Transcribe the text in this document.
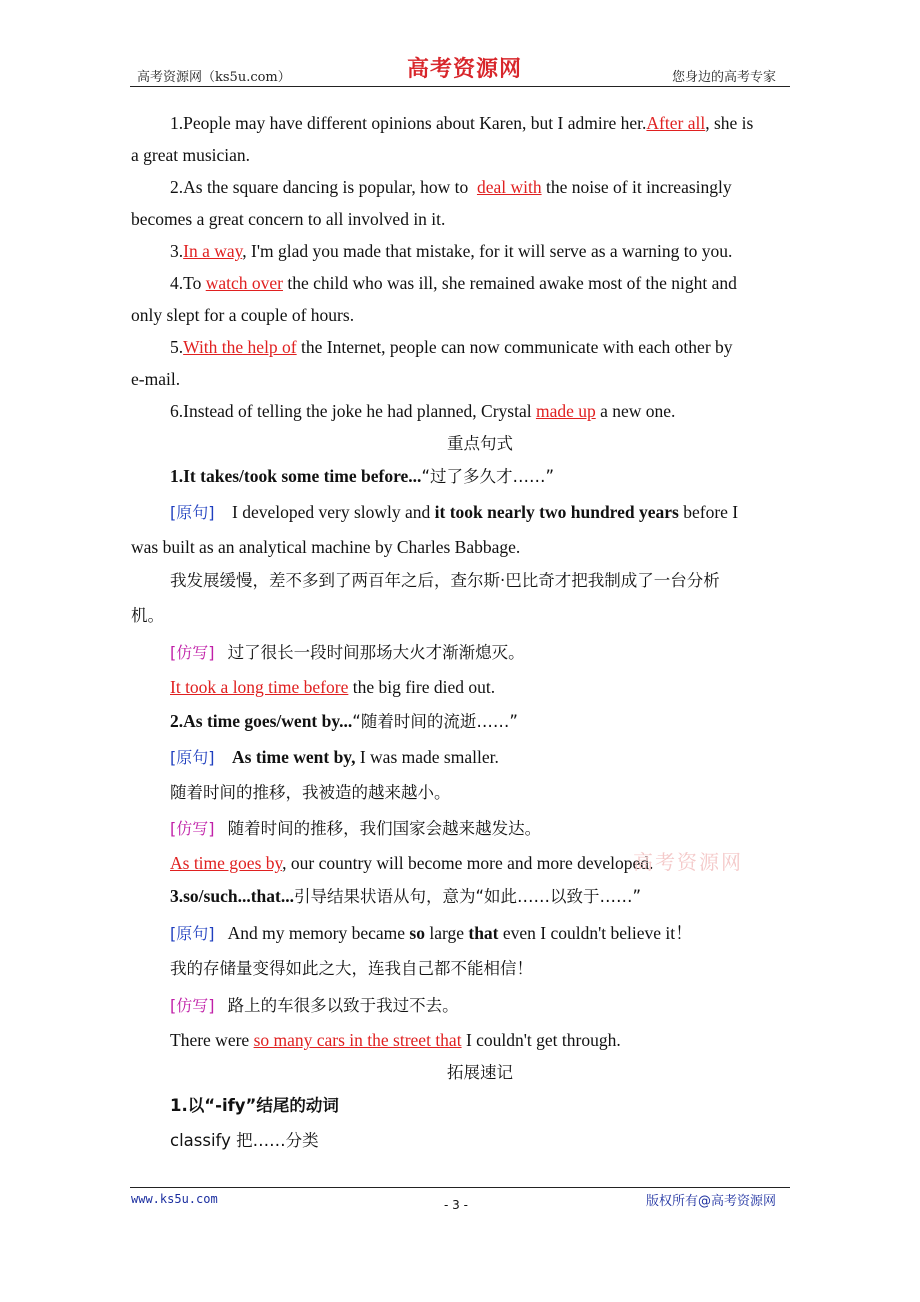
高考资源网（ks5u.com）	高考资源网	您身边的高考专家
1.People may have different opinions about Karen, but I admire her.After all, she is
a great musician.
2.As the square dancing is popular, how to deal with the noise of it increasingly
becomes a great concern to all involved in it.
3.In a way, I'm glad you made that mistake, for it will serve as a warning to you.
4.To watch over the child who was ill, she remained awake most of the night and
only slept for a couple of hours.
5.With the help of the Internet, people can now communicate with each other by
e-mail.
6.Instead of telling the joke he had planned, Crystal made up a new one.
重点句式
1.It takes/took some time before...“过了多久才……”
[原句] I developed very slowly and it took nearly two hundred years before I
was built as an analytical machine by Charles Babbage.
我发展缓慢，差不多到了两百年之后，查尔斯·巴比奇才把我制成了一台分析
机。
[仿写] 过了很长一段时间那场大火才渐渐熄灭。
It took a long time before the big fire died out.
2.As time goes/went by...“随着时间的流逝……”
[原句] As time went by, I was made smaller.
随着时间的推移，我被造的越来越小。
[仿写] 随着时间的推移，我们国家会越来越发达。
As time goes by, our country will become more and more developed.
高考资源网
3.so/such...that...引导结果状语从句，意为“如此……以致于……”
[原句] And my memory became so large that even I couldn't believe it！
我的存储量变得如此之大，连我自己都不能相信！
[仿写] 路上的车很多以致于我过不去。
There were so many cars in the street that I couldn't get through.
拓展速记
1.以“-ify”结尾的动词
classify 把……分类
www.ks5u.com	- 3 -	版权所有@高考资源网
